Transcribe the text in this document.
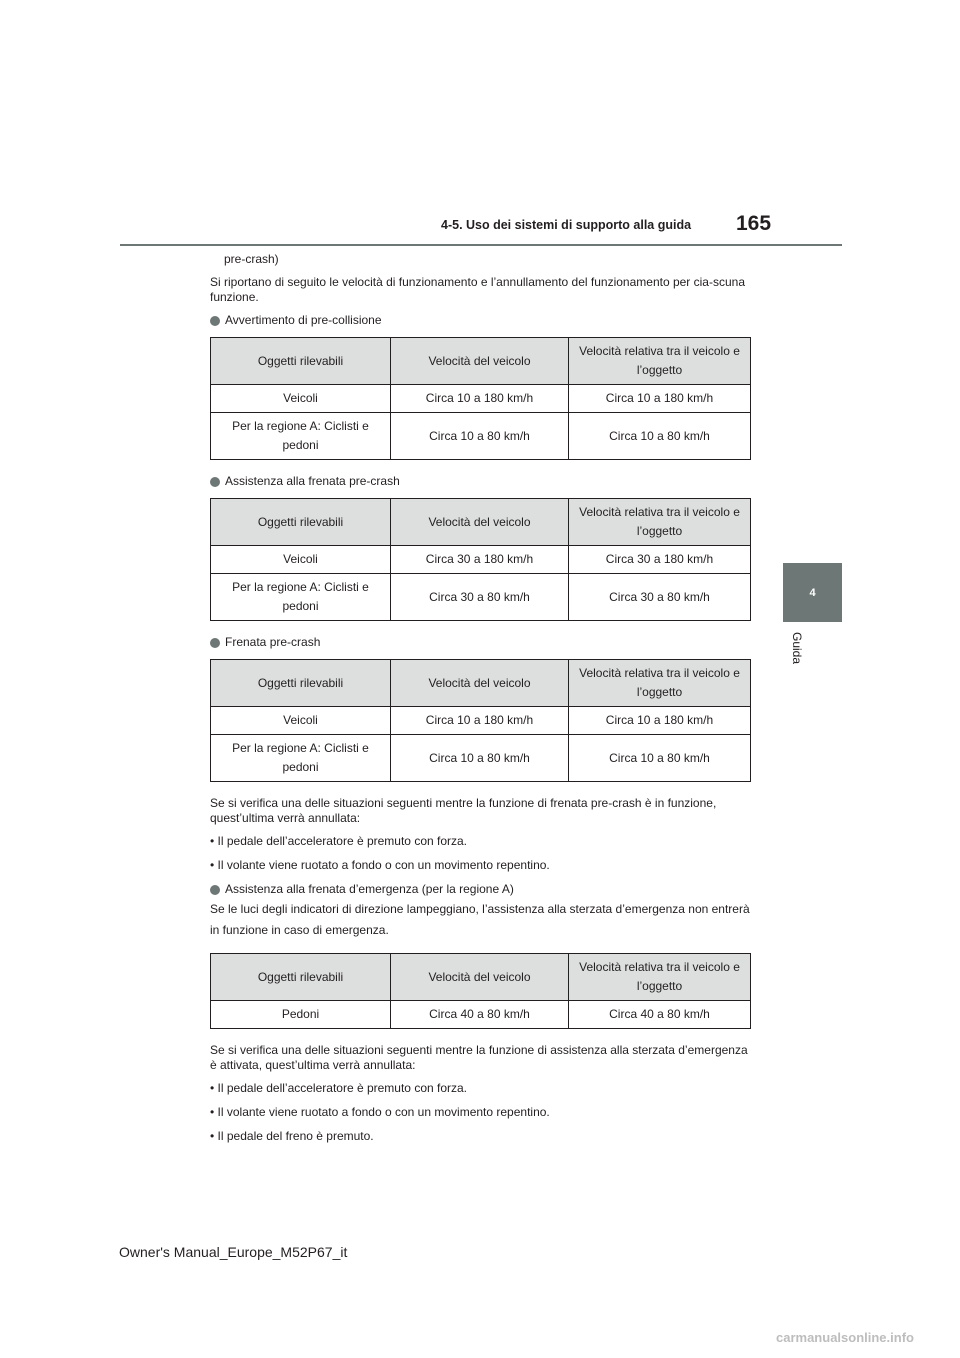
4-5. Uso dei sistemi di supporto alla guida 165
4
Guida

pre-crash)

Si riportano di seguito le velocità di funzionamento e l’annullamento del funzionamento per cia-scuna funzione.

Avvertimento di pre-collisione
Oggetti rilevabili	Velocità del veicolo	Velocità relativa tra il veicolo e l’oggetto
Veicoli	Circa 10 a 180 km/h	Circa 10 a 180 km/h
Per la regione A: Ciclisti e pedoni	Circa 10 a 80 km/h	Circa 10 a 80 km/h
Assistenza alla frenata pre-crash
Oggetti rilevabili	Velocità del veicolo	Velocità relativa tra il veicolo e l’oggetto
Veicoli	Circa 30 a 180 km/h	Circa 30 a 180 km/h
Per la regione A: Ciclisti e pedoni	Circa 30 a 80 km/h	Circa 30 a 80 km/h
Frenata pre-crash
Oggetti rilevabili	Velocità del veicolo	Velocità relativa tra il veicolo e l’oggetto
Veicoli	Circa 10 a 180 km/h	Circa 10 a 180 km/h
Per la regione A: Ciclisti e pedoni	Circa 10 a 80 km/h	Circa 10 a 80 km/h

Se si verifica una delle situazioni seguenti mentre la funzione di frenata pre-crash è in funzione, quest’ultima verrà annullata:

• Il pedale dell’acceleratore è premuto con forza.
• Il volante viene ruotato a fondo o con un movimento repentino.
Assistenza alla frenata d’emergenza (per la regione A)

Se le luci degli indicatori di direzione lampeggiano, l’assistenza alla sterzata d’emergenza non entrerà in funzione in caso di emergenza.

Oggetti rilevabili	Velocità del veicolo	Velocità relativa tra il veicolo e l’oggetto
Pedoni	Circa 40 a 80 km/h	Circa 40 a 80 km/h

Se si verifica una delle situazioni seguenti mentre la funzione di assistenza alla sterzata d’emergenza è attivata, quest’ultima verrà annullata:

• Il pedale dell’acceleratore è premuto con forza.
• Il volante viene ruotato a fondo o con un movimento repentino.
• Il pedale del freno è premuto.
Owner's Manual_Europe_M52P67_it
carmanualsonline.info
